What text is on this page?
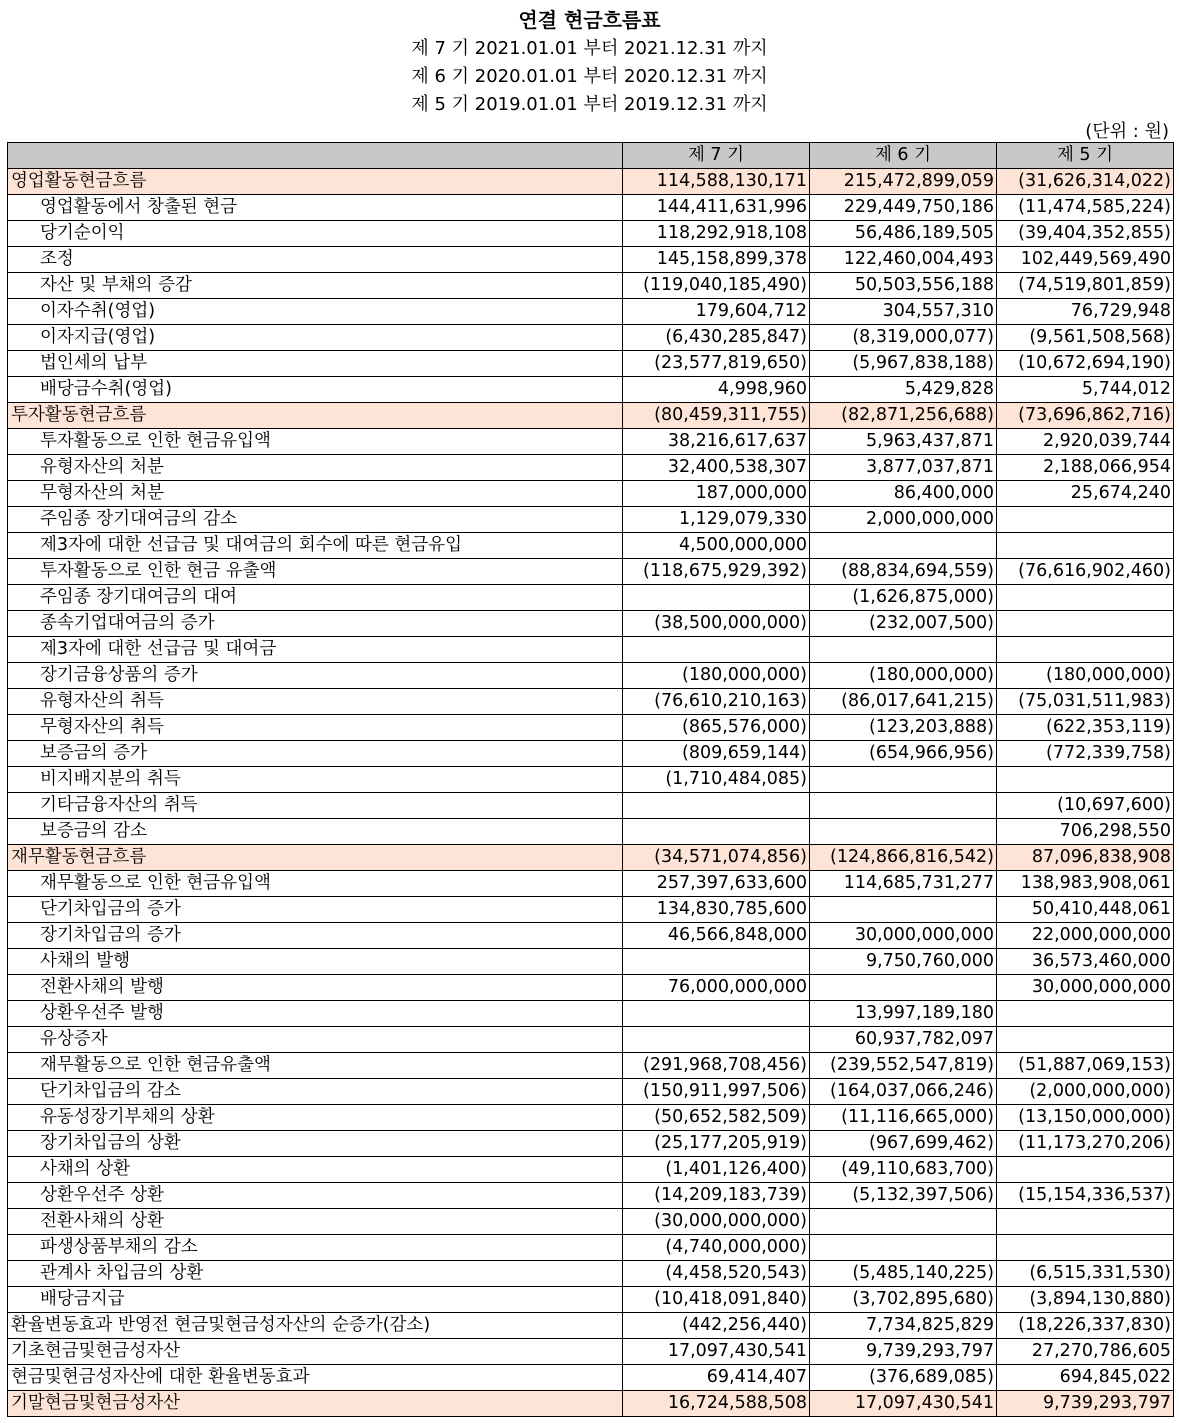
연결 현금흐름표
제 7 기 2021.01.01 부터 2021.12.31 까지
제 6 기 2020.01.01 부터 2020.12.31 까지
제 5 기 2019.01.01 부터 2019.12.31 까지
(단위 : 원)
	제 7 기	제 6 기	제 5 기
영업활동현금흐름	114,588,130,171	215,472,899,059	(31,626,314,022)
영업활동에서 창출된 현금	144,411,631,996	229,449,750,186	(11,474,585,224)
당기순이익	118,292,918,108	56,486,189,505	(39,404,352,855)
조정	145,158,899,378	122,460,004,493	102,449,569,490
자산 및 부채의 증감	(119,040,185,490)	50,503,556,188	(74,519,801,859)
이자수취(영업)	179,604,712	304,557,310	76,729,948
이자지급(영업)	(6,430,285,847)	(8,319,000,077)	(9,561,508,568)
법인세의 납부	(23,577,819,650)	(5,967,838,188)	(10,672,694,190)
배당금수취(영업)	4,998,960	5,429,828	5,744,012
투자활동현금흐름	(80,459,311,755)	(82,871,256,688)	(73,696,862,716)
투자활동으로 인한 현금유입액	38,216,617,637	5,963,437,871	2,920,039,744
유형자산의 처분	32,400,538,307	3,877,037,871	2,188,066,954
무형자산의 처분	187,000,000	86,400,000	25,674,240
주임종 장기대여금의 감소	1,129,079,330	2,000,000,000	
제3자에 대한 선급금 및 대여금의 회수에 따른 현금유입	4,500,000,000		
투자활동으로 인한 현금 유출액	(118,675,929,392)	(88,834,694,559)	(76,616,902,460)
주임종 장기대여금의 대여		(1,626,875,000)	
종속기업대여금의 증가	(38,500,000,000)	(232,007,500)	
제3자에 대한 선급금 및 대여금			
장기금융상품의 증가	(180,000,000)	(180,000,000)	(180,000,000)
유형자산의 취득	(76,610,210,163)	(86,017,641,215)	(75,031,511,983)
무형자산의 취득	(865,576,000)	(123,203,888)	(622,353,119)
보증금의 증가	(809,659,144)	(654,966,956)	(772,339,758)
비지배지분의 취득	(1,710,484,085)		
기타금융자산의 취득			(10,697,600)
보증금의 감소			706,298,550
재무활동현금흐름	(34,571,074,856)	(124,866,816,542)	87,096,838,908
재무활동으로 인한 현금유입액	257,397,633,600	114,685,731,277	138,983,908,061
단기차입금의 증가	134,830,785,600		50,410,448,061
장기차입금의 증가	46,566,848,000	30,000,000,000	22,000,000,000
사채의 발행		9,750,760,000	36,573,460,000
전환사채의 발행	76,000,000,000		30,000,000,000
상환우선주 발행		13,997,189,180	
유상증자		60,937,782,097	
재무활동으로 인한 현금유출액	(291,968,708,456)	(239,552,547,819)	(51,887,069,153)
단기차입금의 감소	(150,911,997,506)	(164,037,066,246)	(2,000,000,000)
유동성장기부채의 상환	(50,652,582,509)	(11,116,665,000)	(13,150,000,000)
장기차입금의 상환	(25,177,205,919)	(967,699,462)	(11,173,270,206)
사채의 상환	(1,401,126,400)	(49,110,683,700)	
상환우선주 상환	(14,209,183,739)	(5,132,397,506)	(15,154,336,537)
전환사채의 상환	(30,000,000,000)		
파생상품부채의 감소	(4,740,000,000)		
관계사 차입금의 상환	(4,458,520,543)	(5,485,140,225)	(6,515,331,530)
배당금지급	(10,418,091,840)	(3,702,895,680)	(3,894,130,880)
환율변동효과 반영전 현금및현금성자산의 순증가(감소)	(442,256,440)	7,734,825,829	(18,226,337,830)
기초현금및현금성자산	17,097,430,541	9,739,293,797	27,270,786,605
현금및현금성자산에 대한 환율변동효과	69,414,407	(376,689,085)	694,845,022
기말현금및현금성자산	16,724,588,508	17,097,430,541	9,739,293,797
